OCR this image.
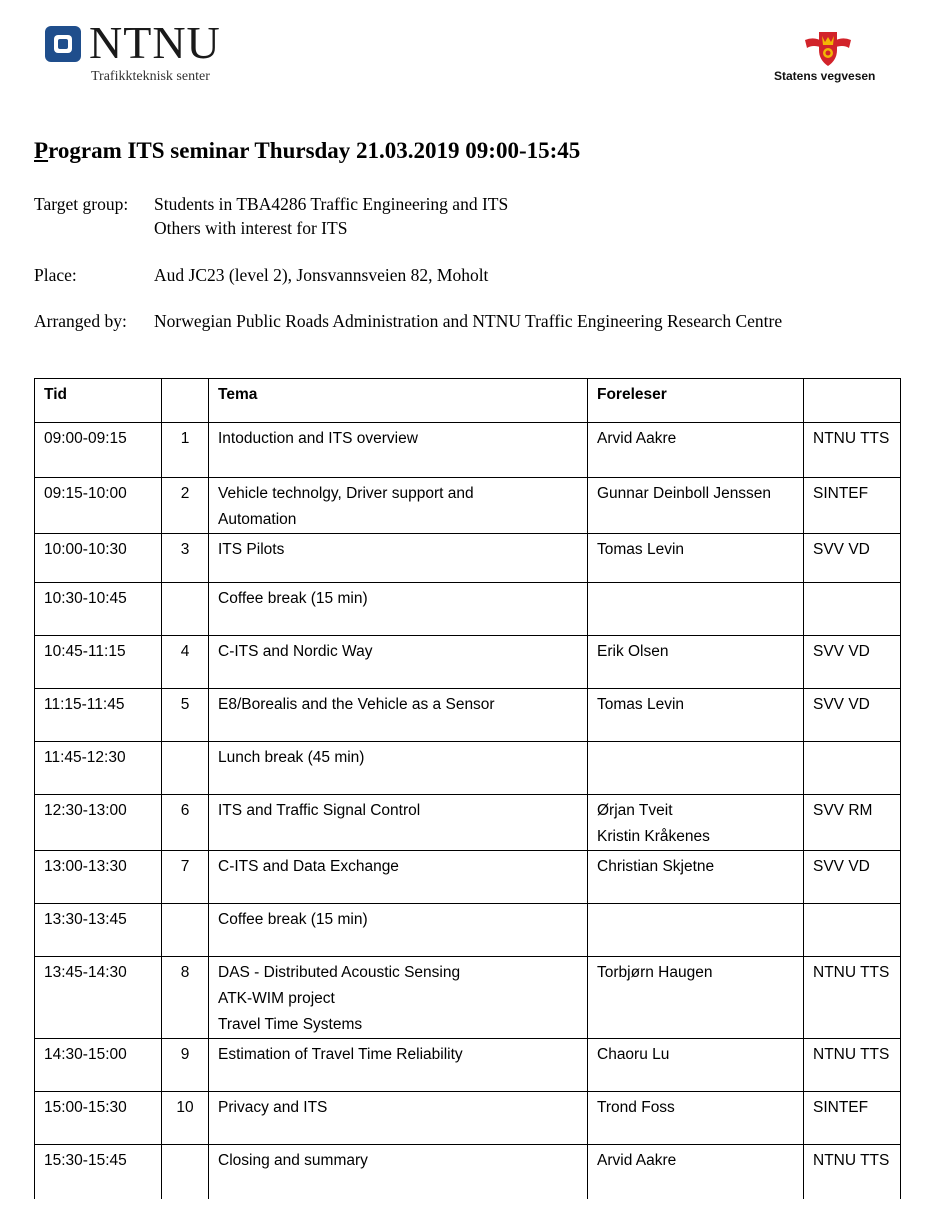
NTNU
Trafikkteknisk senter	Statens vegvesen
Program ITS seminar Thursday 21.03.2019 09:00-15:45
Target group: Students in TBA4286 Traffic Engineering and ITS
Others with interest for ITS
Place:	Aud JC23 (level 2), Jonsvannsveien 82, Moholt
Arranged by: Norwegian Public Roads Administration and NTNU Traffic Engineering Research Centre
Tid		Tema	Foreleser	
09:00-09:15	1	Intoduction and ITS overview	Arvid Aakre	NTNU TTS
09:15-10:00	2	Vehicle technolgy, Driver support and
Automation	Gunnar Deinboll Jenssen	SINTEF
10:00-10:30	3	ITS Pilots	Tomas Levin	SVV VD
10:30-10:45		Coffee break (15 min)		

10:45-11:15	4	C-ITS and Nordic Way	Erik Olsen	SVV VD
11:15-11:45	5	E8/Borealis and the Vehicle as a Sensor	Tomas Levin	SVV VD
11:45-12:30		Lunch break (45 min)		

12:30-13:00	6	ITS and Traffic Signal Control	Ørjan Tveit
Kristin Kråkenes	SVV RM
13:00-13:30	7	C-ITS and Data Exchange	Christian Skjetne	SVV VD
13:30-13:45		Coffee break (15 min)		

13:45-14:30	8	DAS - Distributed Acoustic Sensing
ATK-WIM project
Travel Time Systems	Torbjørn Haugen	NTNU TTS
14:30-15:00	9	Estimation of Travel Time Reliability	Chaoru Lu	NTNU TTS
15:00-15:30	10	Privacy and ITS	Trond Foss	SINTEF
15:30-15:45		Closing and summary	Arvid Aakre	NTNU TTS
